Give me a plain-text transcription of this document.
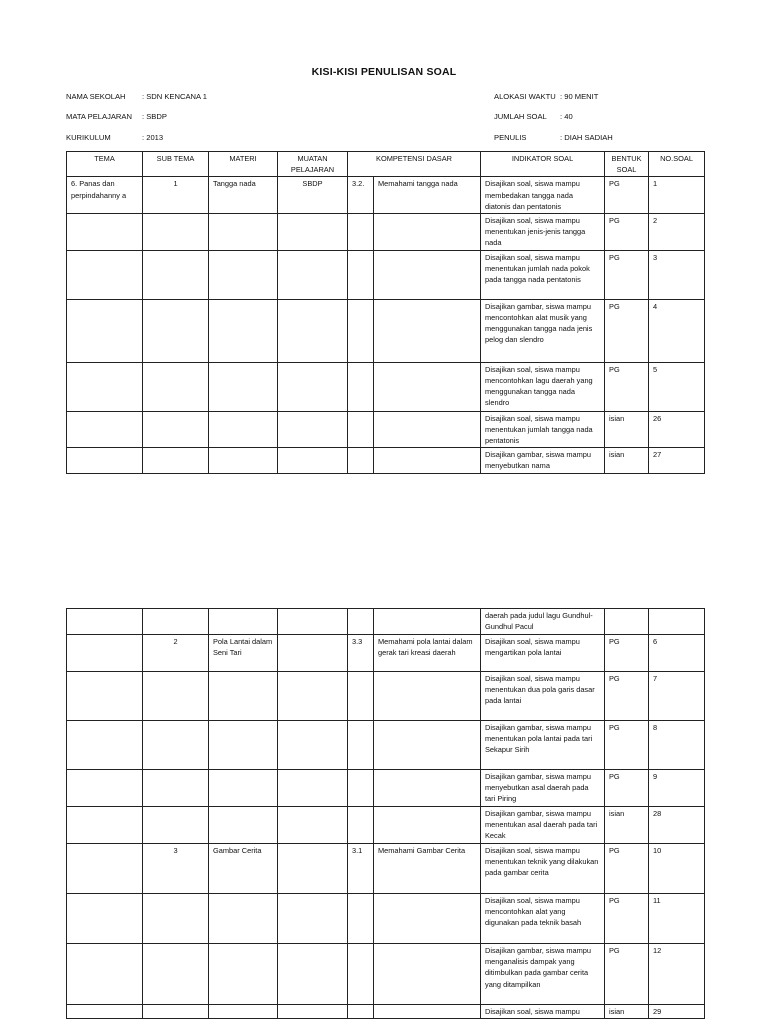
KISI-KISI PENULISAN SOAL
NAMA SEKOLAH : SDN KENCANA 1
MATA PELAJARAN : SBDP
KURIKULUM	: 2013
ALOKASI WAKTU : 90 MENIT
JUMLAH SOAL : 40
PENULIS	: DIAH SADIAH
TEMA	SUB TEMA	MATERI	MUATAN PELAJARAN	KOMPETENSI DASAR		INDIKATOR SOAL	BENTUK SOAL	NO.SOAL
6. Panas dan perpindahanny a	1	Tangga nada	SBDP	3.2.	Memahami tangga nada	Disajikan soal, siswa mampu membedakan tangga nada diatonis dan pentatonis	PG	1
						Disajikan soal, siswa mampu menentukan jenis-jenis tangga nada	PG	2
						Disajikan soal, siswa mampu menentukan jumlah nada pokok pada tangga nada pentatonis	PG	3
						Disajikan gambar, siswa mampu mencontohkan alat musik yang menggunakan tangga nada jenis pelog dan slendro	PG	4
						Disajikan soal, siswa mampu mencontohkan lagu daerah yang menggunakan tangga nada slendro	PG	5
						Disajikan soal, siswa mampu menentukan jumlah tangga nada pentatonis	isian	26
						Disajikan gambar, siswa mampu menyebutkan nama	isian	27
						daerah pada judul lagu Gundhul-Gundhul Pacul		
	2	Pola Lantai dalam Seni Tari		3.3	Memahami pola lantai dalam gerak tari kreasi daerah	Disajikan soal, siswa mampu mengartikan pola lantai	PG	6
						Disajikan soal, siswa mampu menentukan dua pola garis dasar pada lantai	PG	7
						Disajikan gambar, siswa mampu menentukan pola lantai pada tari Sekapur Sirih	PG	8
						Disajikan gambar, siswa mampu menyebutkan asal daerah pada tari Piring	PG	9
						Disajikan gambar, siswa mampu menentukan asal daerah pada tari Kecak	isian	28
	3	Gambar Cerita		3.1	Memahami Gambar Cerita	Disajikan soal, siswa mampu menentukan teknik yang dilakukan pada gambar cerita	PG	10
						Disajikan soal, siswa mampu mencontohkan alat yang digunakan pada teknik basah	PG	11
						Disajikan gambar, siswa mampu menganalisis dampak yang ditimbulkan pada gambar cerita yang ditampilkan	PG	12
						Disajikan soal, siswa mampu	isian	29
